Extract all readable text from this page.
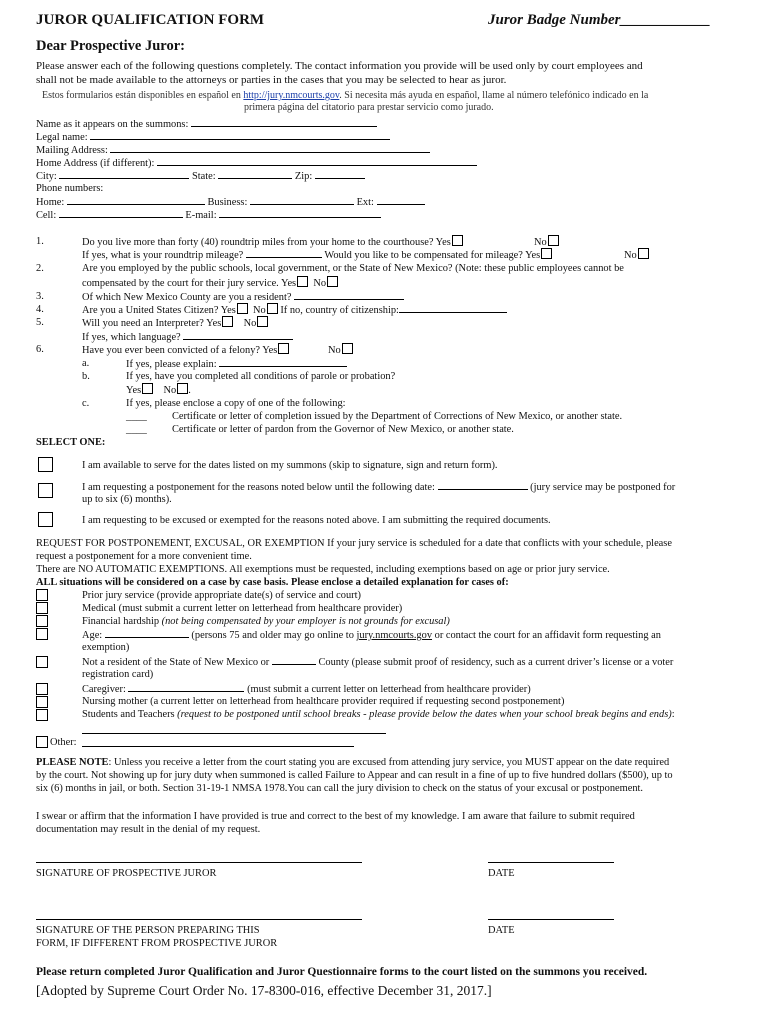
JUROR QUALIFICATION FORM	Juror Badge Number____________
Dear Prospective Juror:
Please answer each of the following questions completely. The contact information you provide will be used only by court employees and
shall not be made available to the attorneys or parties in the cases that you may be selected to hear as juror.
Estos formularios están disponibles en español en http://jury.nmcourts.gov. Si necesita más ayuda en español, llame al número telefónico indicado en la
primera página del citatorio para prestar servicio como jurado.
Name as it appears on the summons:
Legal name:
Mailing Address:
Home Address (if different):
City:	State:	Zip:
Phone numbers:
Home:	Business:	Ext:
Cell:	E-mail:
1.	Do you live more than forty (40) roundtrip miles from your home to the courthouse? Yes	No
If yes, what is your roundtrip mileage?	Would you like to be compensated for mileage? Yes	No
2.	Are you employed by the public schools, local government, or the State of New Mexico? (Note: these public employees cannot be
compensated by the court for their jury service. Yes No
3.	Of which New Mexico County are you a resident?
4.	Are you a United States Citizen? Yes No If no, country of citizenship:
5.	Will you need an Interpreter? Yes No
If yes, which language?
6.	Have you ever been convicted of a felony? Yes	No
a.	If yes, please explain:
b.	If yes, have you completed all conditions of parole or probation?
Yes No .
c.	If yes, please enclose a copy of one of the following:
____ Certificate or letter of completion issued by the Department of Corrections of New Mexico, or another state.
____ Certificate or letter of pardon from the Governor of New Mexico, or another state.
SELECT ONE:
I am available to serve for the dates listed on my summons (skip to signature, sign and return form).
I am requesting a postponement for the reasons noted below until the following date:	(jury service may be postponed for
up to six (6) months).
I am requesting to be excused or exempted for the reasons noted above. I am submitting the required documents.
REQUEST FOR POSTPONEMENT, EXCUSAL, OR EXEMPTION If your jury service is scheduled for a date that conflicts with your schedule, please
request a postponement for a more convenient time.
There are NO AUTOMATIC EXEMPTIONS. All exemptions must be requested, including exemptions based on age or prior jury service.
ALL situations will be considered on a case by case basis. Please enclose a detailed explanation for cases of:
Prior jury service (provide appropriate date(s) of service and court)
Medical (must submit a current letter on letterhead from healthcare provider)
Financial hardship (not being compensated by your employer is not grounds for excusal)
Age:	(persons 75 and older may go online to jury.nmcourts.gov or contact the court for an affidavit form requesting an
exemption)
Not a resident of the State of New Mexico or	County (please submit proof of residency, such as a current driver’s license or a voter
registration card)
Caregiver:	(must submit a current letter on letterhead from healthcare provider)
Nursing mother (a current letter on letterhead from healthcare provider required if requesting second postponement)
Students and Teachers (request to be postponed until school breaks - please provide below the dates when your school break begins and ends):
Other:
PLEASE NOTE: Unless you receive a letter from the court stating you are excused from attending jury service, you MUST appear on the date required
by the court. Not showing up for jury duty when summoned is called Failure to Appear and can result in a fine of up to five hundred dollars ($500), up to
six (6) months in jail, or both. Section 31-19-1 NMSA 1978.You can call the jury division to check on the status of your excusal or postponement.
I swear or affirm that the information I have provided is true and correct to the best of my knowledge. I am aware that failure to submit required
documentation may result in the denial of my request.
SIGNATURE OF PROSPECTIVE JUROR	DATE
SIGNATURE OF THE PERSON PREPARING THIS
FORM, IF DIFFERENT FROM PROSPECTIVE JUROR
DATE
Please return completed Juror Qualification and Juror Questionnaire forms to the court listed on the summons you received.
[Adopted by Supreme Court Order No. 17-8300-016, effective December 31, 2017.]
